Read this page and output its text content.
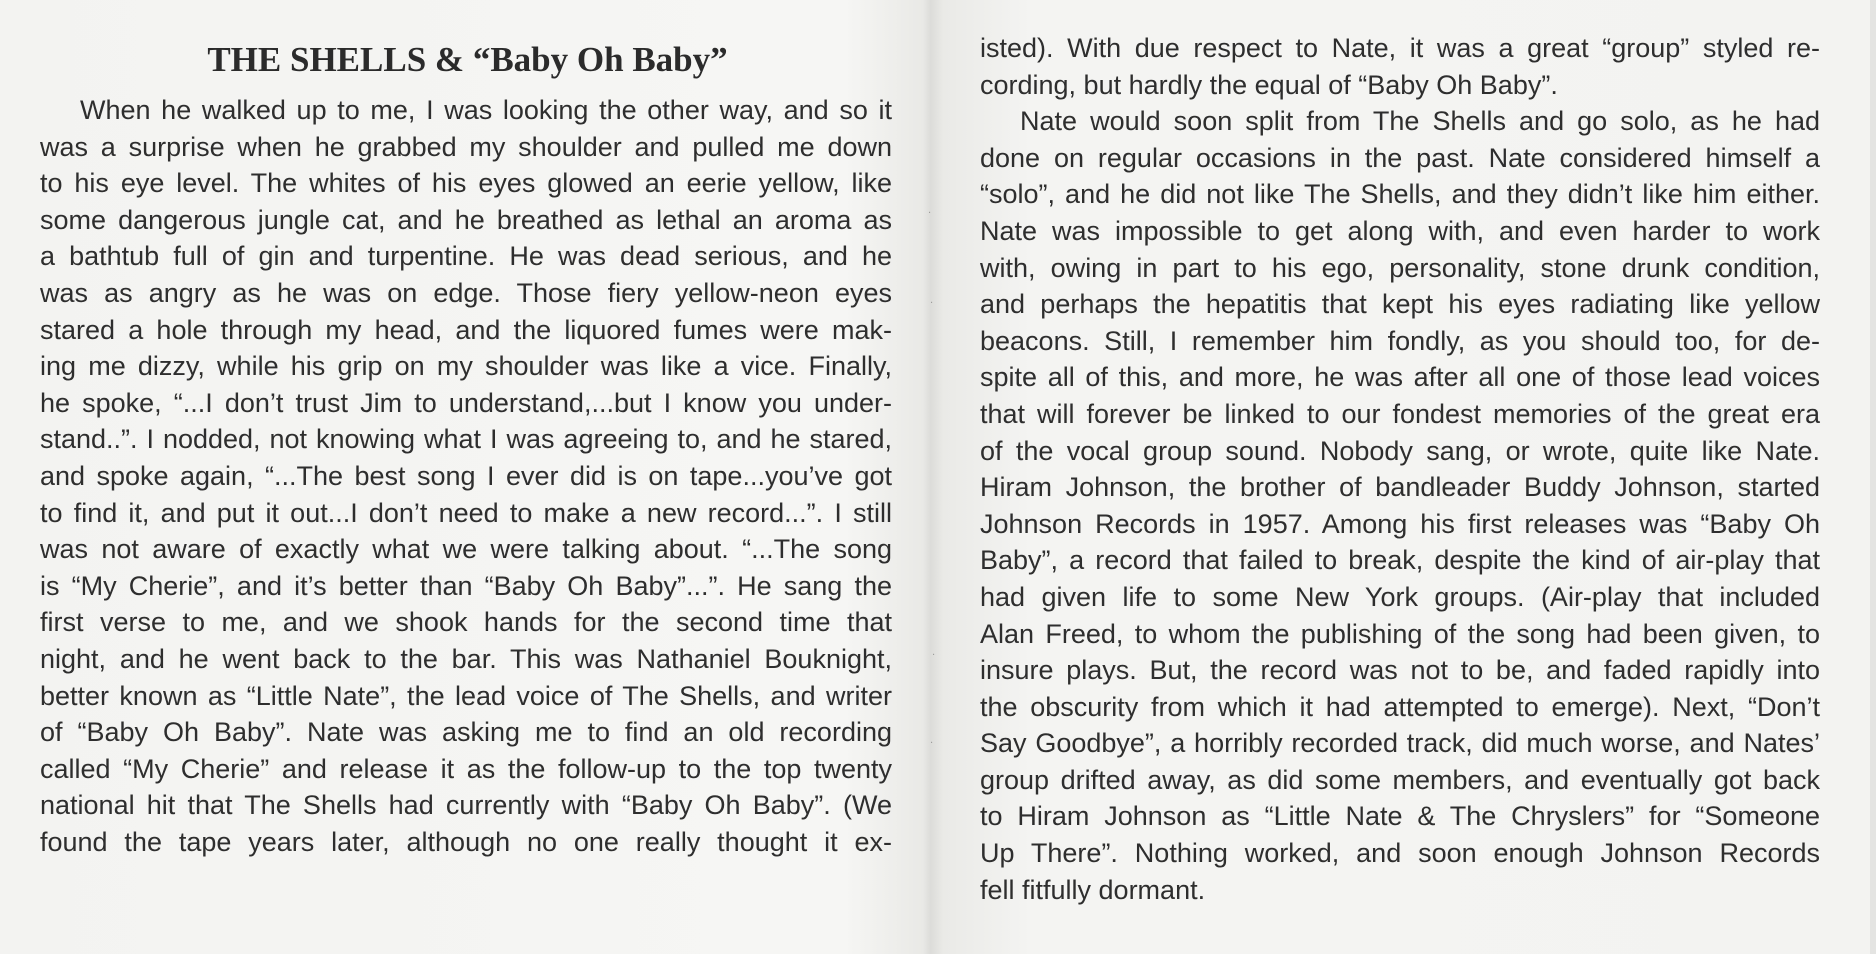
THE SHELLS & “Baby Oh Baby”
When he walked up to me, I was looking the other way, and so it
was a surprise when he grabbed my shoulder and pulled me down
to his eye level. The whites of his eyes glowed an eerie yellow, like
some dangerous jungle cat, and he breathed as lethal an aroma as
a bathtub full of gin and turpentine. He was dead serious, and he
was as angry as he was on edge. Those fiery yellow-neon eyes
stared a hole through my head, and the liquored fumes were mak-
ing me dizzy, while his grip on my shoulder was like a vice. Finally,
he spoke, “...I don’t trust Jim to understand,...but I know you under-
stand..”. I nodded, not knowing what I was agreeing to, and he stared,
and spoke again, “...The best song I ever did is on tape...you’ve got
to find it, and put it out...I don’t need to make a new record...”. I still
was not aware of exactly what we were talking about. “...The song
is “My Cherie”, and it’s better than “Baby Oh Baby”...”. He sang the
first verse to me, and we shook hands for the second time that
night, and he went back to the bar. This was Nathaniel Bouknight,
better known as “Little Nate”, the lead voice of The Shells, and writer
of “Baby Oh Baby”. Nate was asking me to find an old recording
called “My Cherie” and release it as the follow-up to the top twenty
national hit that The Shells had currently with “Baby Oh Baby”. (We
found the tape years later, although no one really thought it ex-
·
·
·
·
isted). With due respect to Nate, it was a great “group” styled re-
cording, but hardly the equal of “Baby Oh Baby”.
Nate would soon split from The Shells and go solo, as he had
done on regular occasions in the past. Nate considered himself a
“solo”, and he did not like The Shells, and they didn’t like him either.
Nate was impossible to get along with, and even harder to work
with, owing in part to his ego, personality, stone drunk condition,
and perhaps the hepatitis that kept his eyes radiating like yellow
beacons. Still, I remember him fondly, as you should too, for de-
spite all of this, and more, he was after all one of those lead voices
that will forever be linked to our fondest memories of the great era
of the vocal group sound. Nobody sang, or wrote, quite like Nate.
Hiram Johnson, the brother of bandleader Buddy Johnson, started
Johnson Records in 1957. Among his first releases was “Baby Oh
Baby”, a record that failed to break, despite the kind of air-play that
had given life to some New York groups. (Air-play that included
Alan Freed, to whom the publishing of the song had been given, to
insure plays. But, the record was not to be, and faded rapidly into
the obscurity from which it had attempted to emerge). Next, “Don’t
Say Goodbye”, a horribly recorded track, did much worse, and Nates’
group drifted away, as did some members, and eventually got back
to Hiram Johnson as “Little Nate & The Chryslers” for “Someone
Up There”. Nothing worked, and soon enough Johnson Records
fell fitfully dormant.
